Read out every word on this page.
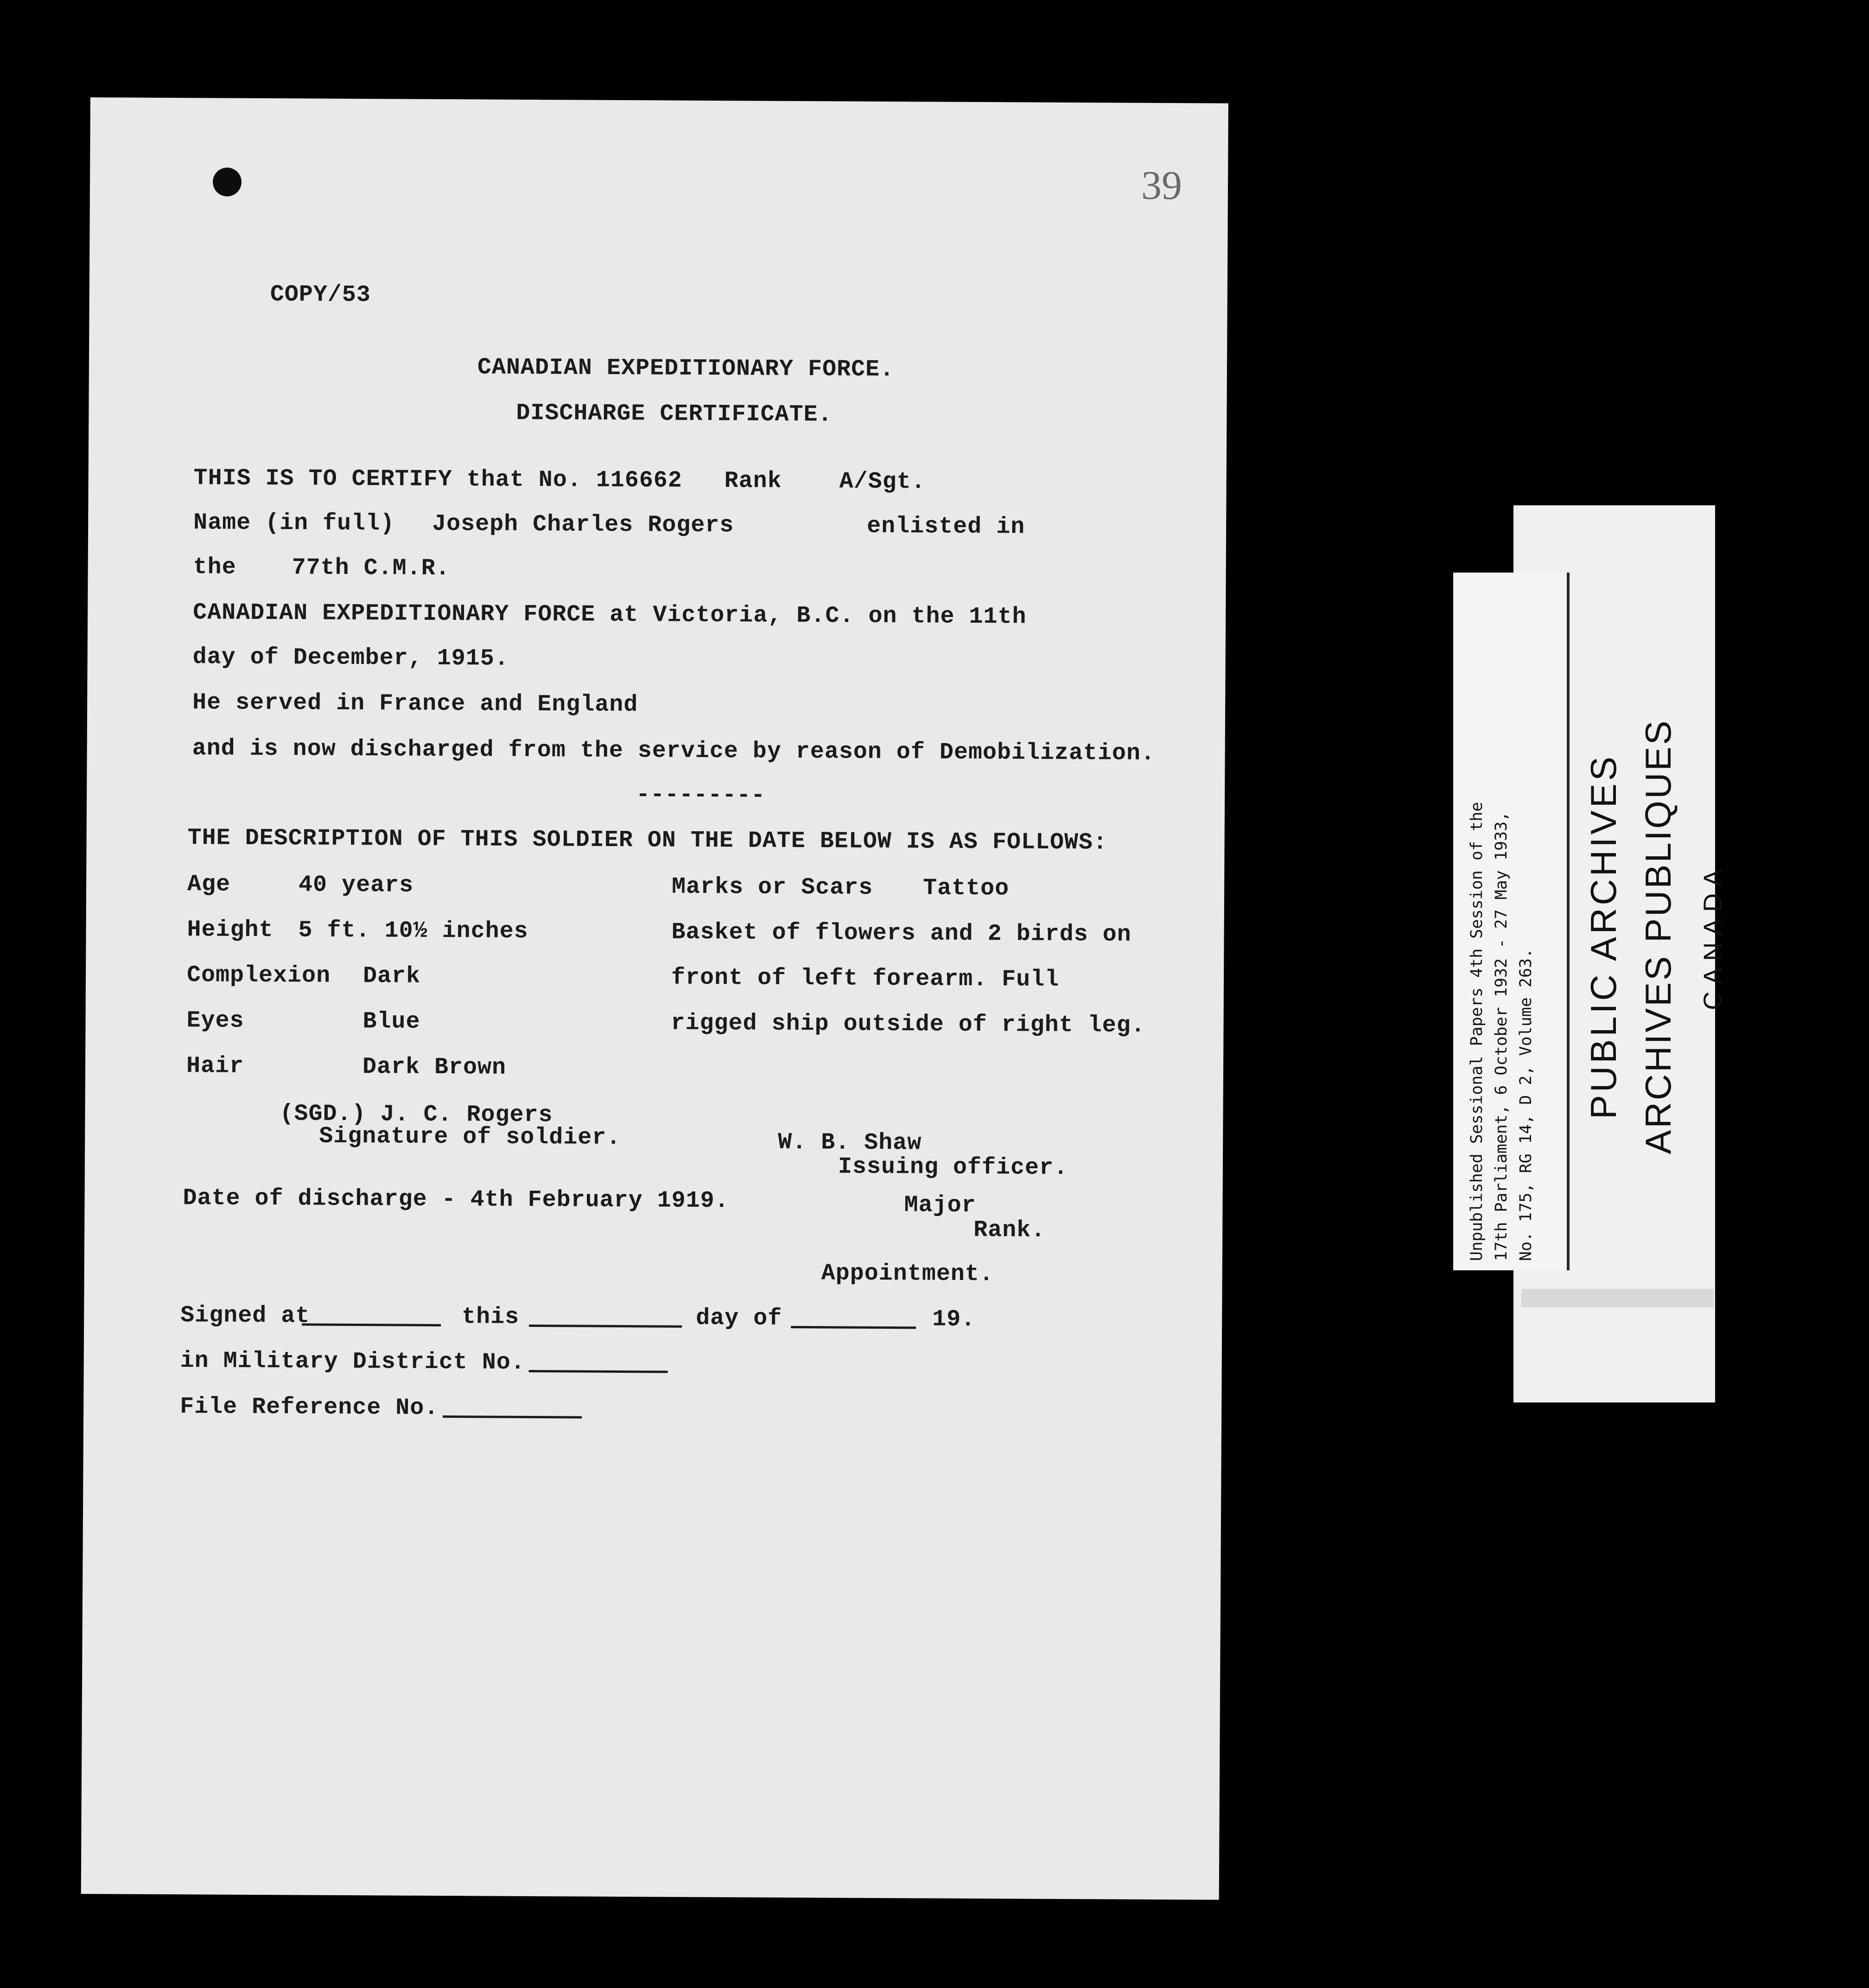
39
COPY/53
CANADIAN EXPEDITIONARY FORCE.
DISCHARGE CERTIFICATE.
THIS IS TO CERTIFY that No. 116662 Rank A/Sgt.
Name (in full) Joseph Charles Rogers	enlisted in
the 77th C.M.R.
CANADIAN EXPEDITIONARY FORCE at Victoria, B.C. on the 11th
day of December, 1915.
He served in France and England
and is now discharged from the service by reason of Demobilization.
---------
THE DESCRIPTION OF THIS SOLDIER ON THE DATE BELOW IS AS FOLLOWS:
Age	40 years	Marks or Scars Tattoo
Height 5 ft. 10½ inches	Basket of flowers and 2 birds on
Complexion Dark	front of left forearm. Full
Eyes	Blue	rigged ship outside of right leg.
Hair	Dark Brown
(SGD.) J. C. Rogers
Signature of soldier.	W. B. Shaw
Issuing officer.
Date of discharge - 4th February 1919.	Major
Rank.
Appointment.
Signed at	this	day of	19.
in Military District No.
File Reference No.
Unpublished Sessional Papers 4th Session of the 17th Parliament, 6 October 1932 - 27 May 1933, No. 175, RG 14, D 2, Volume 263. PUBLIC ARCHIVES ARCHIVES PUBLIQUES CANADA
